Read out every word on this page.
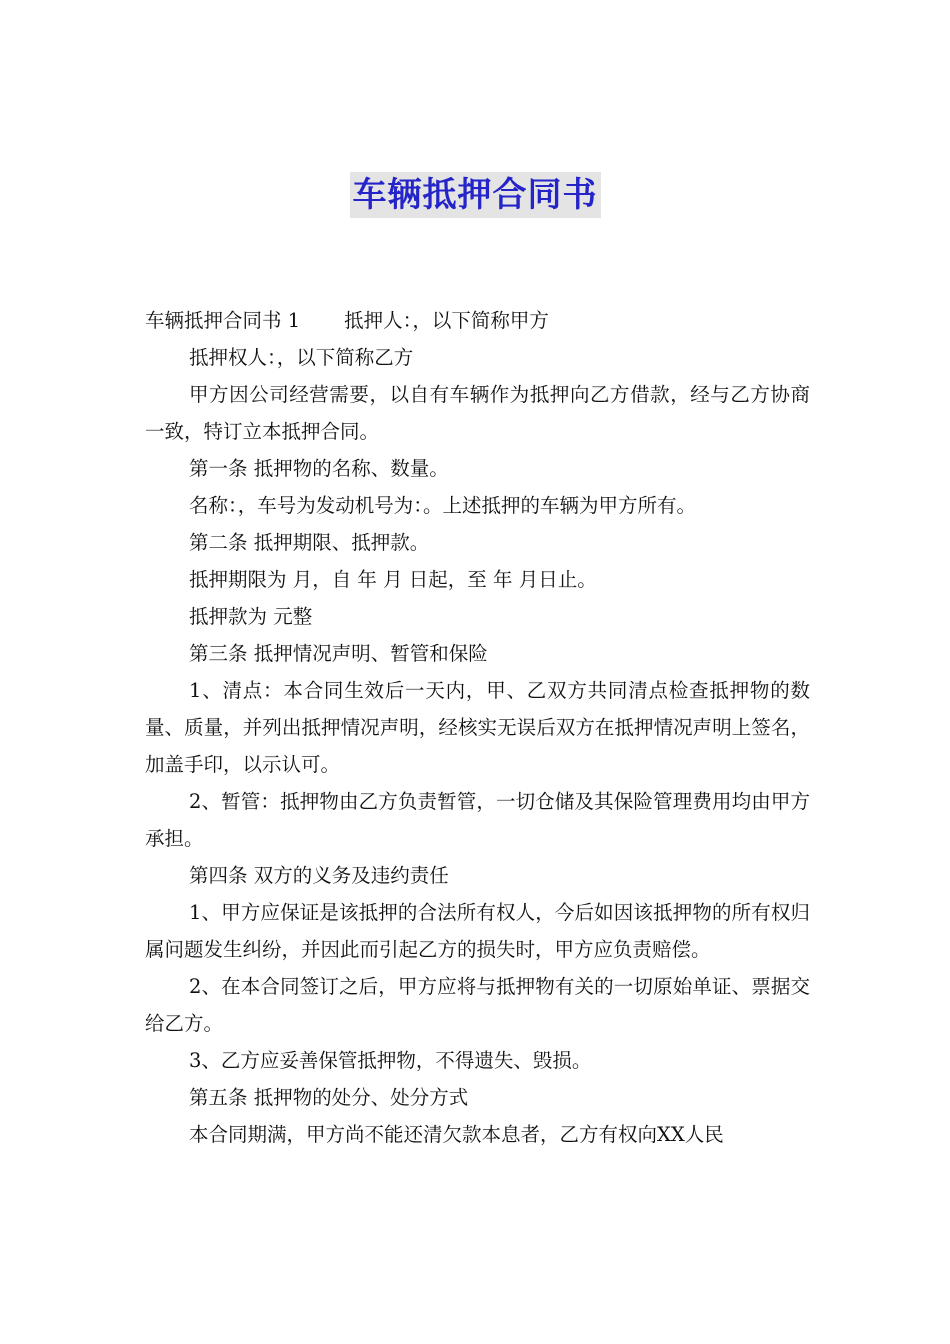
车辆抵押合同书

车辆抵押合同书 1 抵押人：，以下简称甲方

抵押权人：，以下简称乙方

甲方因公司经营需要，以自有车辆作为抵押向乙方借款，经与乙方协商一致，特订立本抵押合同。

第一条 抵押物的名称、数量。

名称：，车号为发动机号为：。上述抵押的车辆为甲方所有。

第二条 抵押期限、抵押款。

抵押期限为 月，自 年 月 日起，至 年 月日止。

抵押款为 元整

第三条 抵押情况声明、暂管和保险

1、清点：本合同生效后一天内，甲、乙双方共同清点检查抵押物的数量、质量，并列出抵押情况声明，经核实无误后双方在抵押情况声明上签名，加盖手印，以示认可。

2、暂管：抵押物由乙方负责暂管，一切仓储及其保险管理费用均由甲方承担。

第四条 双方的义务及违约责任

1、甲方应保证是该抵押的合法所有权人，今后如因该抵押物的所有权归属问题发生纠纷，并因此而引起乙方的损失时，甲方应负责赔偿。

2、在本合同签订之后，甲方应将与抵押物有关的一切原始单证、票据交给乙方。

3、乙方应妥善保管抵押物，不得遗失、毁损。

第五条 抵押物的处分、处分方式

本合同期满，甲方尚不能还清欠款本息者，乙方有权向XX人民
